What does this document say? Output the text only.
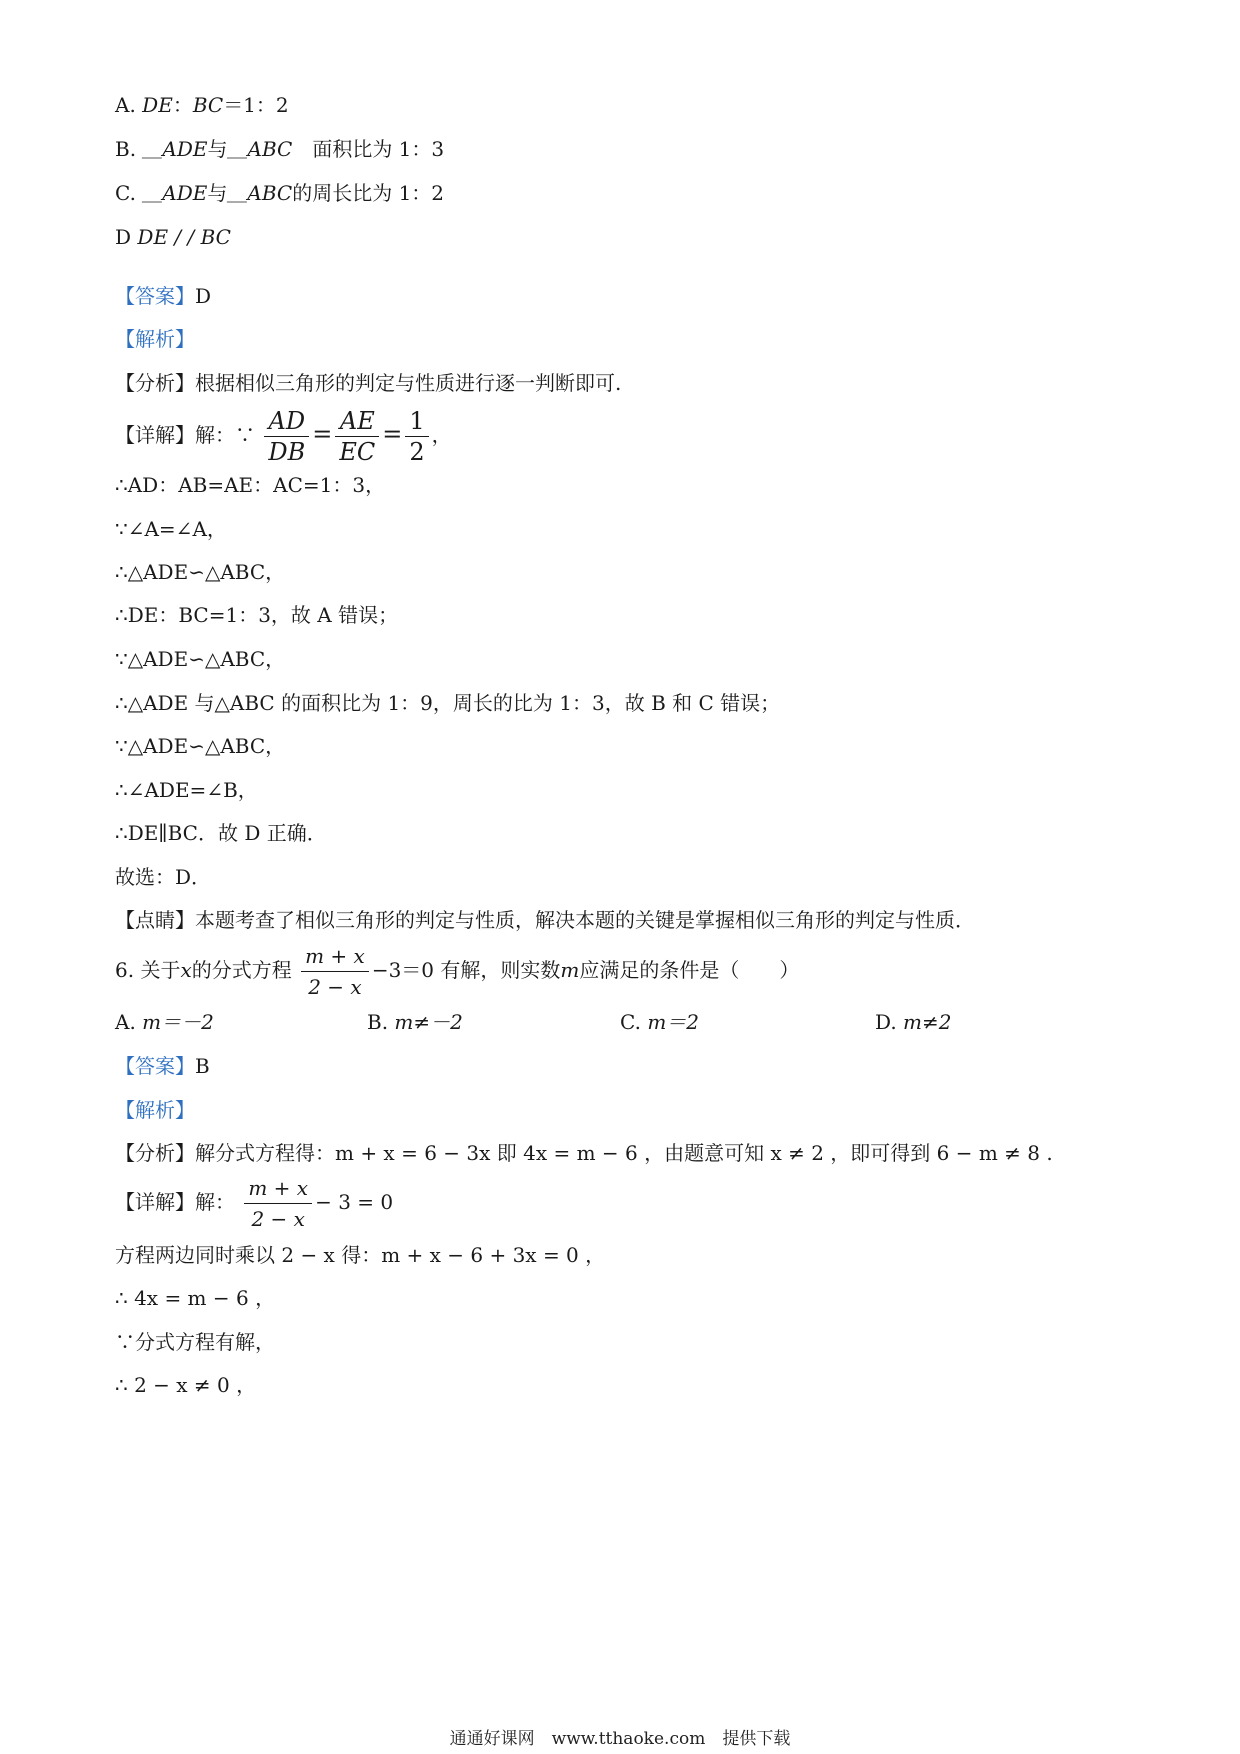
A. DE：BC＝1：2
B. ＿ADE与＿ABC　面积比为 1：3
C. ＿ADE与＿ABC的周长比为 1：2
D DE / / BC
【答案】D
【解析】
【分析】根据相似三角形的判定与性质进行逐一判断即可.
【详解】解：∵ $\frac{AD}{DB} = \frac{AE}{EC} = \frac{1}{2}$ ，
∴AD：AB=AE：AC=1：3，
∵∠A=∠A，
∴△ADE∽△ABC，
∴DE：BC=1：3，故 A 错误；
∵△ADE∽△ABC，
∴△ADE 与△ABC 的面积比为 1：9，周长的比为 1：3，故 B 和 C 错误；
∵△ADE∽△ABC，
∴∠ADE=∠B，
∴DE∥BC．故 D 正确．
故选：D．
【点睛】本题考查了相似三角形的判定与性质，解决本题的关键是掌握相似三角形的判定与性质．
6. 关于x的分式方程 $\frac{m + x}{2 - x} -3=0$ 有解，则实数m应满足的条件是（　　）
A. m＝－2	B. m≠－2	C. m＝2	D. m≠2
【答案】B
【解析】
【分析】解分式方程得：m + x = 6 − 3x 即 4x = m − 6 ，由题意可知 x ≠ 2 ，即可得到 6 − m ≠ 8 .
【详解】解： $\frac{m + x}{2 - x} - 3 = 0$
方程两边同时乘以 2 − x 得：m + x − 6 + 3x = 0 ，
∴ 4x = m − 6 ，
∵分式方程有解，
∴ 2 − x ≠ 0 ，
通通好课网　www.tthaoke.com　提供下载
